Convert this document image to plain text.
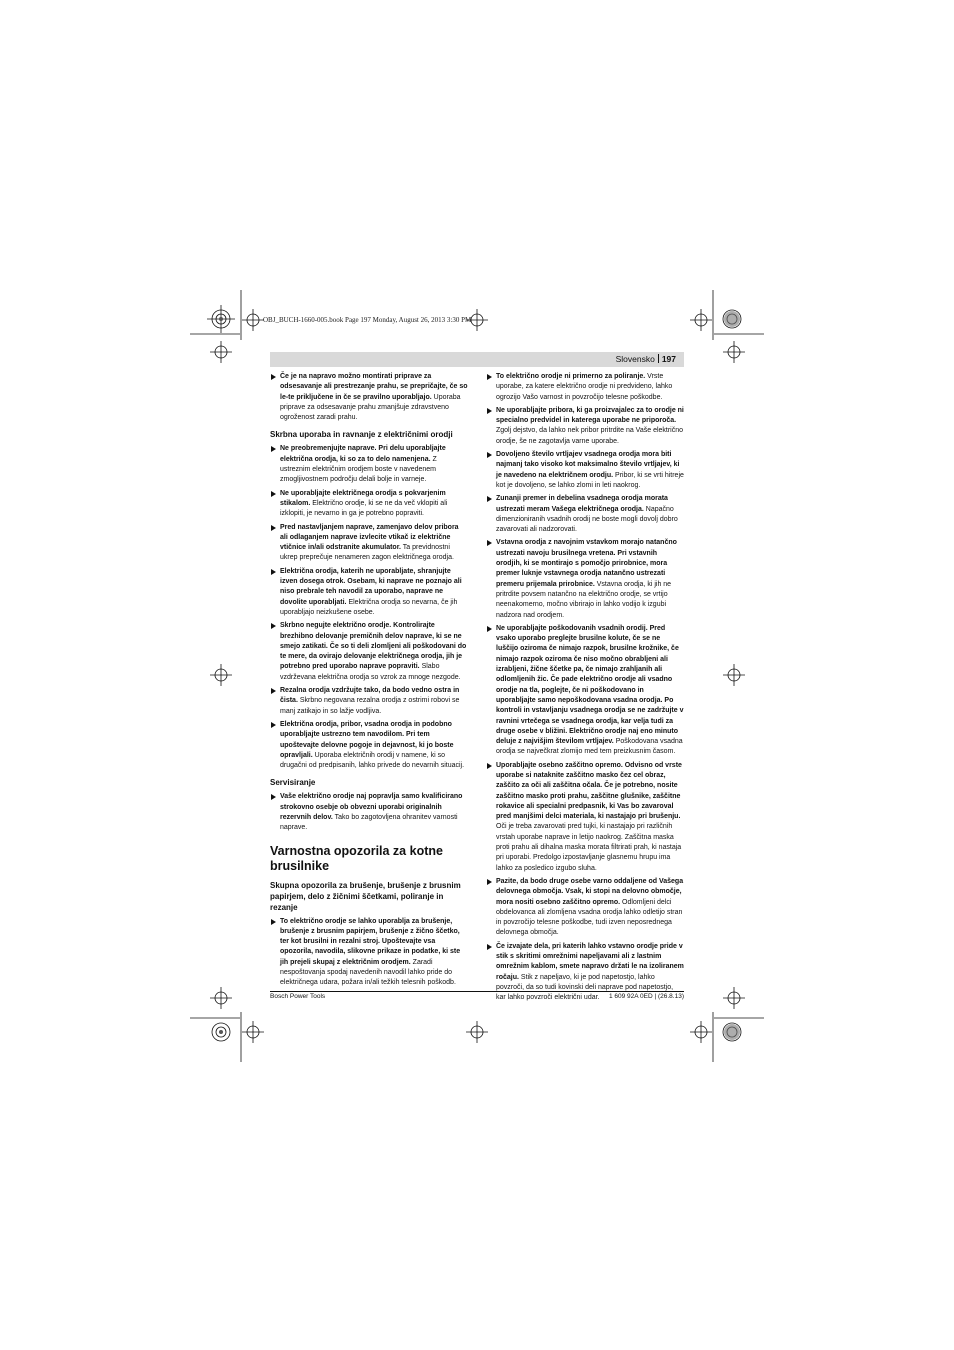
OBJ_BUCH-1660-005.book Page 197 Monday, August 26, 2013 3:30 PM
Slovensko 197
Če je na napravo možno montirati priprave za odsesavanje ali prestrezanje prahu, se prepričajte, če so le-te priključene in če se pravilno uporabljajo. Uporaba priprave za odsesavanje prahu zmanjšuje zdravstveno ogroženost zaradi prahu.
Skrbna uporaba in ravnanje z električnimi orodji
Ne preobremenjujte naprave. Pri delu uporabljajte električna orodja, ki so za to delo namenjena. Z ustreznim električnim orodjem boste v navedenem zmogljivostnem področju delali bolje in varneje.
Ne uporabljajte električnega orodja s pokvarjenim stikalom. Električno orodje, ki se ne da več vklopiti ali izklopiti, je nevarno in ga je potrebno popraviti.
Pred nastavljanjem naprave, zamenjavo delov pribora ali odlaganjem naprave izvlecite vtikač iz električne vtičnice in/ali odstranite akumulator. Ta previdnostni ukrep preprečuje nenameren zagon električnega orodja.
Električna orodja, katerih ne uporabljate, shranjujte izven dosega otrok. Osebam, ki naprave ne poznajo ali niso prebrale teh navodil za uporabo, naprave ne dovolite uporabljati. Električna orodja so nevarna, če jih uporabljajo neizkušene osebe.
Skrbno negujte električno orodje. Kontrolirajte brezhibno delovanje premičnih delov naprave, ki se ne smejo zatikati. Če so ti deli zlomljeni ali poškodovani do te mere, da ovirajo delovanje električnega orodja, jih je potrebno pred uporabo naprave popraviti. Slabo vzdrževana električna orodja so vzrok za mnoge nezgode.
Rezalna orodja vzdržujte tako, da bodo vedno ostra in čista. Skrbno negovana rezalna orodja z ostrimi robovi se manj zatikajo in so lažje vodljiva.
Električna orodja, pribor, vsadna orodja in podobno uporabljajte ustrezno tem navodilom. Pri tem upoštevajte delovne pogoje in dejavnost, ki jo boste opravljali. Uporaba električnih orodij v namene, ki so drugačni od predpisanih, lahko privede do nevarnih situacij.
Servisiranje
Vaše električno orodje naj popravlja samo kvalificirano strokovno osebje ob obvezni uporabi originalnih rezervnih delov. Tako bo zagotovljena ohranitev varnosti naprave.
Varnostna opozorila za kotne brusilnike
Skupna opozorila za brušenje, brušenje z brusnim papirjem, delo z žičnimi ščetkami, poliranje in rezanje
To električno orodje se lahko uporablja za brušenje, brušenje z brusnim papirjem, brušenje z žično ščetko, ter kot brusilni in rezalni stroj. Upoštevajte vsa opozorila, navodila, slikovne prikaze in podatke, ki ste jih prejeli skupaj z električnim orodjem. Zaradi nespoštovanja spodaj navedenih navodil lahko pride do električnega udara, požara in/ali težkih telesnih poškodb.
To električno orodje ni primerno za poliranje. Vrste uporabe, za katere električno orodje ni predvideno, lahko ogrozijo Vašo varnost in povzročijo telesne poškodbe.
Ne uporabljajte pribora, ki ga proizvajalec za to orodje ni specialno predvidel in katerega uporabe ne priporoča. Zgolj dejstvo, da lahko nek pribor pritrdite na Vaše električno orodje, še ne zagotavlja varne uporabe.
Dovoljeno število vrtljajev vsadnega orodja mora biti najmanj tako visoko kot maksimalno število vrtljajev, ki je navedeno na električnem orodju. Pribor, ki se vrti hitreje kot je dovoljeno, se lahko zlomi in leti naokrog.
Zunanji premer in debelina vsadnega orodja morata ustrezati meram Vašega električnega orodja. Napačno dimenzioniranih vsadnih orodij ne boste mogli dovolj dobro zavarovati ali nadzorovati.
Vstavna orodja z navojnim vstavkom morajo natančno ustrezati navoju brusilnega vretena. Pri vstavnih orodjih, ki se montirajo s pomočjo prirobnice, mora premer luknje vstavnega orodja natančno ustrezati premeru prijemala prirobnice. Vstavna orodja, ki jih ne pritrdite povsem natančno na električno orodje, se vrtijo neenakomerno, močno vibrirajo in lahko vodijo k izgubi nadzora nad orodjem.
Ne uporabljajte poškodovanih vsadnih orodij. Pred vsako uporabo preglejte brusilne kolute, če se ne luščijo oziroma če nimajo razpok, brusilne krožnike, če nimajo razpok oziroma če niso močno obrabljeni ali izrabljeni, žične ščetke pa, če nimajo zrahljanih ali odlomljenih žic. Če pade električno orodje ali vsadno orodje na tla, poglejte, če ni poškodovano in uporabljajte samo nepoškodovana vsadna orodja. Po kontroli in vstavljanju vsadnega orodja se ne zadržujte v ravnini vrtečega se vsadnega orodja, kar velja tudi za druge osebe v bližini. Električno orodje naj eno minuto deluje z najvišjim številom vrtljajev. Poškodovana vsadna orodja se največkrat zlomijo med tem preizkusnim časom.
Uporabljajte osebno zaščitno opremo. Odvisno od vrste uporabe si nataknite zaščitno masko čez cel obraz, zaščito za oči ali zaščitna očala. Če je potrebno, nosite zaščitno masko proti prahu, zaščitne glušnike, zaščitne rokavice ali specialni predpasnik, ki Vas bo zavaroval pred manjšimi delci materiala, ki nastajajo pri brušenju. Oči je treba zavarovati pred tujki, ki nastajajo pri različnih vrstah uporabe naprave in letijo naokrog. Zaščitna maska proti prahu ali dihalna maska morata filtrirati prah, ki nastaja pri uporabi. Predolgo izpostavljanje glasnemu hrupu ima lahko za posledico izgubo sluha.
Pazite, da bodo druge osebe varno oddaljene od Vašega delovnega območja. Vsak, ki stopi na delovno območje, mora nositi osebno zaščitno opremo. Odlomljeni delci obdelovanca ali zlomljena vsadna orodja lahko odletijo stran in povzročijo telesne poškodbe, tudi izven neposrednega delovnega območja.
Če izvajate dela, pri katerih lahko vstavno orodje pride v stik s skritimi omrežnimi napeljavami ali z lastnim omrežnim kablom, smete napravo držati le na izoliranem ročaju. Stik z napeljavo, ki je pod napetostjo, lahko povzroči, da so tudi kovinski deli naprave pod napetostjo, kar lahko povzroči električni udar.
Bosch Power Tools	1 609 92A 0ED | (26.8.13)
